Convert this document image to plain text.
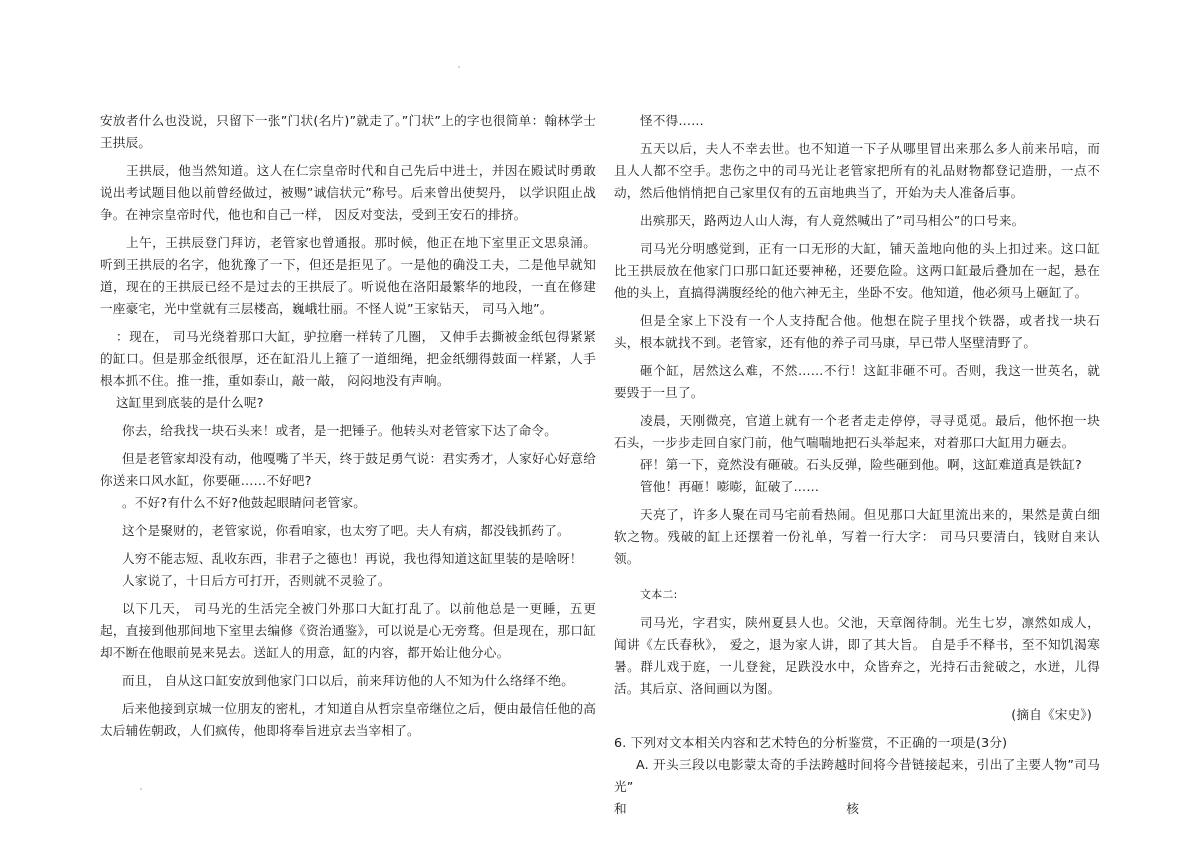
安放者什么也没说，只留下一张”门状(名片)”就走了。”门状”上的字也很简单：翰林学士王拱辰。

王拱辰，他当然知道。这人在仁宗皇帝时代和自己先后中进士，并因在殿试时勇敢说出考试题目他以前曾经做过，被赐”诚信状元”称号。后来曾出使契丹， 以学识阻止战争。在神宗皇帝时代，他也和自己一样， 因反对变法，受到王安石的排挤。

上午，王拱辰登门拜访，老管家也曾通报。那时候，他正在地下室里正文思泉涌。听到王拱辰的名字，他犹豫了一下，但还是拒见了。一是他的确没工夫，二是他早就知道，现在的王拱辰已经不是过去的王拱辰了。听说他在洛阳最繁华的地段，一直在修建一座豪宅，光中堂就有三层楼高，巍峨壮丽。不怪人说”王家钻天， 司马入地”。

：现在， 司马光绕着那口大缸，驴拉磨一样转了几圈， 又伸手去撕被金纸包得紧紧的缸口。但是那金纸很厚，还在缸沿儿上箍了一道细绳，把金纸绷得鼓面一样紧，人手根本抓不住。推一推，重如泰山，敲一敲， 闷闷地没有声响。

这缸里到底装的是什么呢?

你去，给我找一块石头来！或者，是一把锤子。他转头对老管家下达了命令。

但是老管家却没有动，他嘎嘴了半天，终于鼓足勇气说：君实秀才，人家好心好意给你送来口风水缸，你要砸……不好吧?

。不好?有什么不好?他鼓起眼睛问老管家。

这个是聚财的，老管家说，你看咱家，也太穷了吧。夫人有病，都没钱抓药了。

人穷不能志短、乱收东西，非君子之德也！再说，我也得知道这缸里装的是啥呀！

人家说了，十日后方可打开，否则就不灵验了。

以下几天， 司马光的生活完全被门外那口大缸打乱了。以前他总是一更睡，五更起，直接到他那间地下室里去编修《资治通鉴》，可以说是心无旁骛。但是现在，那口缸却不断在他眼前晃来晃去。送缸人的用意，缸的内容，都开始让他分心。

而且， 自从这口缸安放到他家门口以后，前来拜访他的人不知为什么络绎不绝。

后来他接到京城一位朋友的密札，才知道自从哲宗皇帝继位之后，便由最信任他的高太后辅佐朝政，人们疯传，他即将奉旨进京去当宰相了。

怪不得……

五天以后，夫人不幸去世。也不知道一下子从哪里冒出来那么多人前来吊唁，而且人人都不空手。悲伤之中的司马光让老管家把所有的礼品财物都登记造册，一点不动，然后他悄悄把自己家里仅有的五亩地典当了，开始为夫人准备后事。

出殡那天，路两边人山人海，有人竟然喊出了”司马相公”的口号来。

司马光分明感觉到，正有一口无形的大缸，铺天盖地向他的头上扣过来。这口缸比王拱辰放在他家门口那口缸还要神秘，还要危险。这两口缸最后叠加在一起，悬在他的头上，直搞得满腹经纶的他六神无主，坐卧不安。他知道，他必须马上砸缸了。

但是全家上下没有一个人支持配合他。他想在院子里找个铁器，或者找一块石头，根本就找不到。老管家，还有他的养子司马康，早已带人坚壁清野了。

砸个缸，居然这么难，不然……不行！这缸非砸不可。否则，我这一世英名，就要毁于一旦了。

凌晨，天刚微亮，官道上就有一个老者走走停停，寻寻觅觅。最后，他怀抱一块石头，一步步走回自家门前，他气喘喘地把石头举起来，对着那口大缸用力砸去。

砰！第一下，竟然没有砸破。石头反弹，险些砸到他。啊，这缸难道真是铁缸?

管他！再砸！嘭嘭，缸破了……

天亮了，许多人聚在司马宅前看热闹。但见那口大缸里流出来的，果然是黄白细软之物。残破的缸上还摆着一份礼单，写着一行大字： 司马只要清白，钱财自来认领。

文本二:

司马光，字君实，陕州夏县人也。父池，天章阁待制。光生七岁，凛然如成人，闻讲《左氏春秋》， 爱之，退为家人讲，即了其大旨。 自是手不释书，至不知饥渴寒暑。群儿戏于庭，一儿登瓮，足跌没水中，众皆弃之，光持石击瓮破之，水迸，儿得活。其后京、洛间画以为图。

(摘自《宋史》)

6. 下列对文本相关内容和艺术特色的分析鉴赏，不正确的一项是(3分)

A. 开头三段以电影蒙太奇的手法跨越时间将今昔链接起来，引出了主要人物”司马光”

和	核
